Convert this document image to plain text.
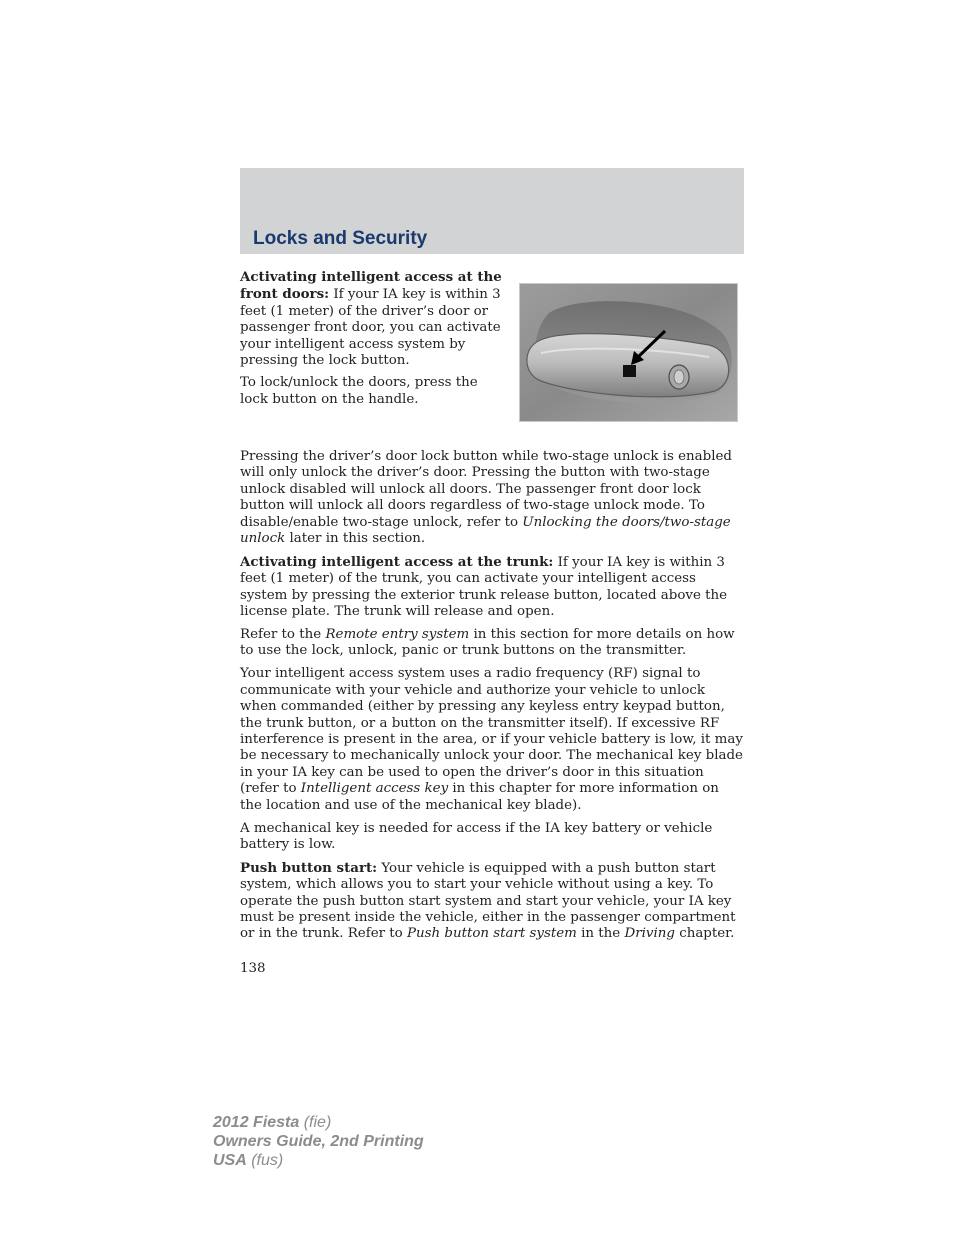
Locks and Security

Activating intelligent access at the front doors: If your IA key is within 3 feet (1 meter) of the driver’s door or passenger front door, you can activate your intelligent access system by pressing the lock button.

To lock/unlock the doors, press the lock button on the handle.

Pressing the driver’s door lock button while two-stage unlock is enabled will only unlock the driver’s door. Pressing the button with two-stage unlock disabled will unlock all doors. The passenger front door lock button will unlock all doors regardless of two-stage unlock mode. To disable/enable two-stage unlock, refer to Unlocking the doors/two-stage unlock later in this section.

Activating intelligent access at the trunk: If your IA key is within 3 feet (1 meter) of the trunk, you can activate your intelligent access system by pressing the exterior trunk release button, located above the license plate. The trunk will release and open.

Refer to the Remote entry system in this section for more details on how to use the lock, unlock, panic or trunk buttons on the transmitter.

Your intelligent access system uses a radio frequency (RF) signal to communicate with your vehicle and authorize your vehicle to unlock when commanded (either by pressing any keyless entry keypad button, the trunk button, or a button on the transmitter itself). If excessive RF interference is present in the area, or if your vehicle battery is low, it may be necessary to mechanically unlock your door. The mechanical key blade in your IA key can be used to open the driver’s door in this situation (refer to Intelligent access key in this chapter for more information on the location and use of the mechanical key blade).

A mechanical key is needed for access if the IA key battery or vehicle battery is low.

Push button start: Your vehicle is equipped with a push button start system, which allows you to start your vehicle without using a key. To operate the push button start system and start your vehicle, your IA key must be present inside the vehicle, either in the passenger compartment or in the trunk. Refer to Push button start system in the Driving chapter.

138

2012 Fiesta (fie)
Owners Guide, 2nd Printing
USA (fus)
